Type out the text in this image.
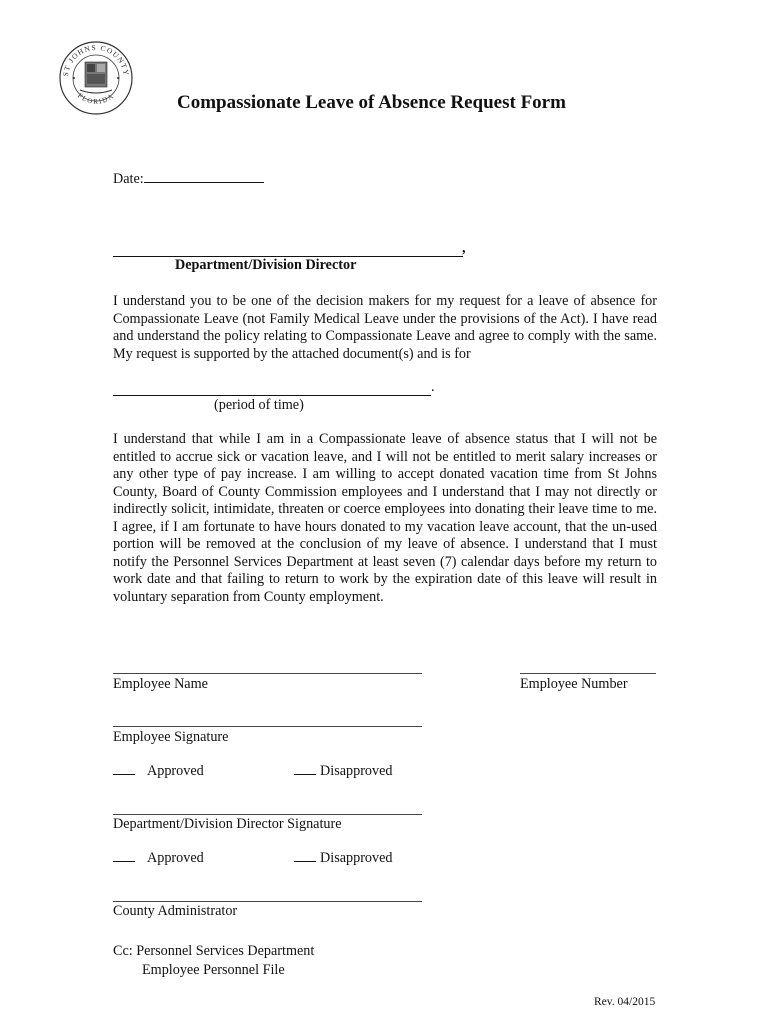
ST JOHNS COUNTY
FLORIDA	Compassionate Leave of Absence Request Form
Date:
,
Department/Division Director
I understand you to be one of the decision makers for my request for a leave of absence for Compassionate Leave (not Family Medical Leave under the provisions of the Act). I have read and understand the policy relating to Compassionate Leave and agree to comply with the same. My request is supported by the attached document(s) and is for
.
(period of time)
I understand that while I am in a Compassionate leave of absence status that I will not be entitled to accrue sick or vacation leave, and I will not be entitled to merit salary increases or any other type of pay increase. I am willing to accept donated vacation time from St Johns County, Board of County Commission employees and I understand that I may not directly or indirectly solicit, intimidate, threaten or coerce employees into donating their leave time to me. I agree, if I am fortunate to have hours donated to my vacation leave account, that the un-used portion will be removed at the conclusion of my leave of absence. I understand that I must notify the Personnel Services Department at least seven (7) calendar days before my return to work date and that failing to return to work by the expiration date of this leave will result in voluntary separation from County employment.
Employee Name	Employee Number
Employee Signature
Approved	Disapproved
Department/Division Director Signature
Approved	Disapproved
County Administrator
Cc: Personnel Services Department
Employee Personnel File
Rev. 04/2015
